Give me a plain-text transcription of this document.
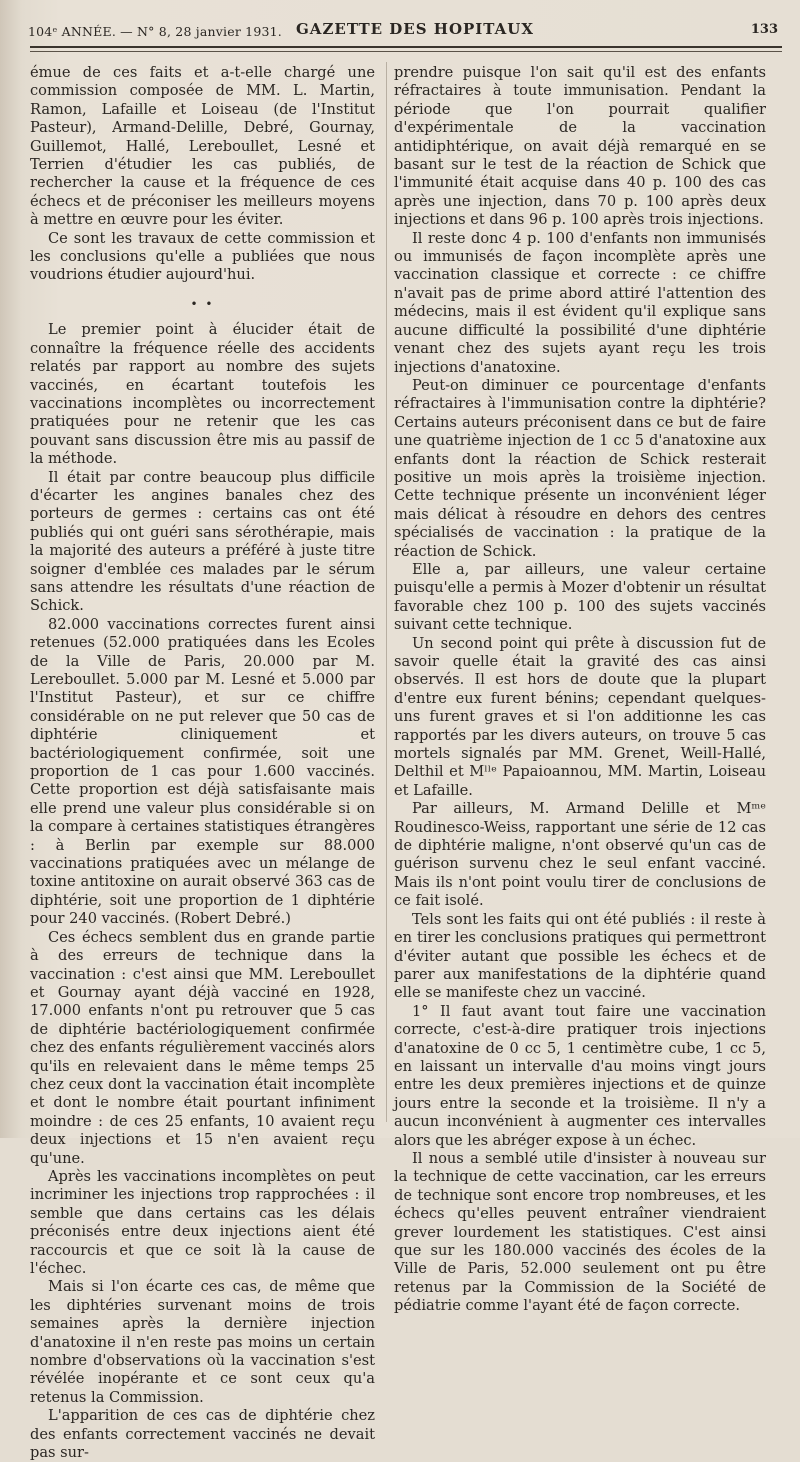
104ᵉ ANNÉE. — N° 8, 28 janvier 1931. GAZETTE DES HOPITAUX	133

émue de ces faits et a-t-elle chargé une commission composée de MM. L. Martin, Ramon, Lafaille et Loiseau (de l'Institut Pasteur), Armand-Delille, Debré, Gournay, Guillemot, Hallé, Lereboullet, Lesné et Terrien d'étudier les cas publiés, de rechercher la cause et la fréquence de ces échecs et de préconiser les meilleurs moyens à mettre en œuvre pour les éviter.

Ce sont les travaux de cette commission et les conclusions qu'elle a publiées que nous voudrions étudier aujourd'hui.

• •

Le premier point à élucider était de connaître la fréquence réelle des accidents relatés par rapport au nombre des sujets vaccinés, en écartant toutefois les vaccinations incomplètes ou incorrectement pratiquées pour ne retenir que les cas pouvant sans discussion être mis au passif de la méthode.

Il était par contre beaucoup plus difficile d'écarter les angines banales chez des porteurs de germes : certains cas ont été publiés qui ont guéri sans sérothérapie, mais la majorité des auteurs a préféré à juste titre soigner d'emblée ces malades par le sérum sans attendre les résultats d'une réaction de Schick.

82.000 vaccinations correctes furent ainsi retenues (52.000 pratiquées dans les Ecoles de la Ville de Paris, 20.000 par M. Lereboullet. 5.000 par M. Lesné et 5.000 par l'Institut Pasteur), et sur ce chiffre considérable on ne put relever que 50 cas de diphtérie cliniquement et bactériologiquement confirmée, soit une proportion de 1 cas pour 1.600 vaccinés. Cette proportion est déjà satisfaisante mais elle prend une valeur plus considérable si on la compare à certaines statistiques étrangères : à Berlin par exemple sur 88.000 vaccinations pratiquées avec un mélange de toxine antitoxine on aurait observé 363 cas de diphtérie, soit une proportion de 1 diphtérie pour 240 vaccinés. (Robert Debré.)

Ces échecs semblent dus en grande partie à des erreurs de technique dans la vaccination : c'est ainsi que MM. Lereboullet et Gournay ayant déjà vacciné en 1928, 17.000 enfants n'ont pu retrouver que 5 cas de diphtérie bactériologiquement confirmée chez des enfants régulièrement vaccinés alors qu'ils en relevaient dans le même temps 25 chez ceux dont la vaccination était incomplète et dont le nombre était pourtant infiniment moindre : de ces 25 enfants, 10 avaient reçu deux injections et 15 n'en avaient reçu qu'une.

Après les vaccinations incomplètes on peut incriminer les injections trop rapprochées : il semble que dans certains cas les délais préconisés entre deux injections aient été raccourcis et que ce soit là la cause de l'échec.

Mais si l'on écarte ces cas, de même que les diphtéries survenant moins de trois semaines après la dernière injection d'anatoxine il n'en reste pas moins un certain nombre d'observations où la vaccination s'est révélée inopérante et ce sont ceux qu'a retenus la Commission.

L'apparition de ces cas de diphtérie chez des enfants correctement vaccinés ne devait pas sur-

prendre puisque l'on sait qu'il est des enfants réfractaires à toute immunisation. Pendant la période que l'on pourrait qualifier d'expérimentale de la vaccination antidiphtérique, on avait déjà remarqué en se basant sur le test de la réaction de Schick que l'immunité était acquise dans 40 p. 100 des cas après une injection, dans 70 p. 100 après deux injections et dans 96 p. 100 après trois injections.

Il reste donc 4 p. 100 d'enfants non immunisés ou immunisés de façon incomplète après une vaccination classique et correcte : ce chiffre n'avait pas de prime abord attiré l'attention des médecins, mais il est évident qu'il explique sans aucune difficulté la possibilité d'une diphtérie venant chez des sujets ayant reçu les trois injections d'anatoxine.

Peut-on diminuer ce pourcentage d'enfants réfractaires à l'immunisation contre la diphtérie? Certains auteurs préconisent dans ce but de faire une quatrième injection de 1 cc 5 d'anatoxine aux enfants dont la réaction de Schick resterait positive un mois après la troisième injection. Cette technique présente un inconvénient léger mais délicat à résoudre en dehors des centres spécialisés de vaccination : la pratique de la réaction de Schick.

Elle a, par ailleurs, une valeur certaine puisqu'elle a permis à Mozer d'obtenir un résultat favorable chez 100 p. 100 des sujets vaccinés suivant cette technique.

Un second point qui prête à discussion fut de savoir quelle était la gravité des cas ainsi observés. Il est hors de doute que la plupart d'entre eux furent bénins; cependant quelques-uns furent graves et si l'on additionne les cas rapportés par les divers auteurs, on trouve 5 cas mortels signalés par MM. Grenet, Weill-Hallé, Delthil et Mˡˡᵉ Papaioannou, MM. Martin, Loiseau et Lafaille.

Par ailleurs, M. Armand Delille et Mᵐᵉ Roudinesco-Weiss, rapportant une série de 12 cas de diphtérie maligne, n'ont observé qu'un cas de guérison survenu chez le seul enfant vacciné. Mais ils n'ont point voulu tirer de conclusions de ce fait isolé.

Tels sont les faits qui ont été publiés : il reste à en tirer les conclusions pratiques qui permettront d'éviter autant que possible les échecs et de parer aux manifestations de la diphtérie quand elle se manifeste chez un vacciné.

1° Il faut avant tout faire une vaccination correcte, c'est-à-dire pratiquer trois injections d'anatoxine de 0 cc 5, 1 centimètre cube, 1 cc 5, en laissant un intervalle d'au moins vingt jours entre les deux premières injections et de quinze jours entre la seconde et la troisième. Il n'y a aucun inconvénient à augmenter ces intervalles alors que les abréger expose à un échec.

Il nous a semblé utile d'insister à nouveau sur la technique de cette vaccination, car les erreurs de technique sont encore trop nombreuses, et les échecs qu'elles peuvent entraîner viendraient grever lourdement les statistiques. C'est ainsi que sur les 180.000 vaccinés des écoles de la Ville de Paris, 52.000 seulement ont pu être retenus par la Commission de la Société de pédiatrie comme l'ayant été de façon correcte.
